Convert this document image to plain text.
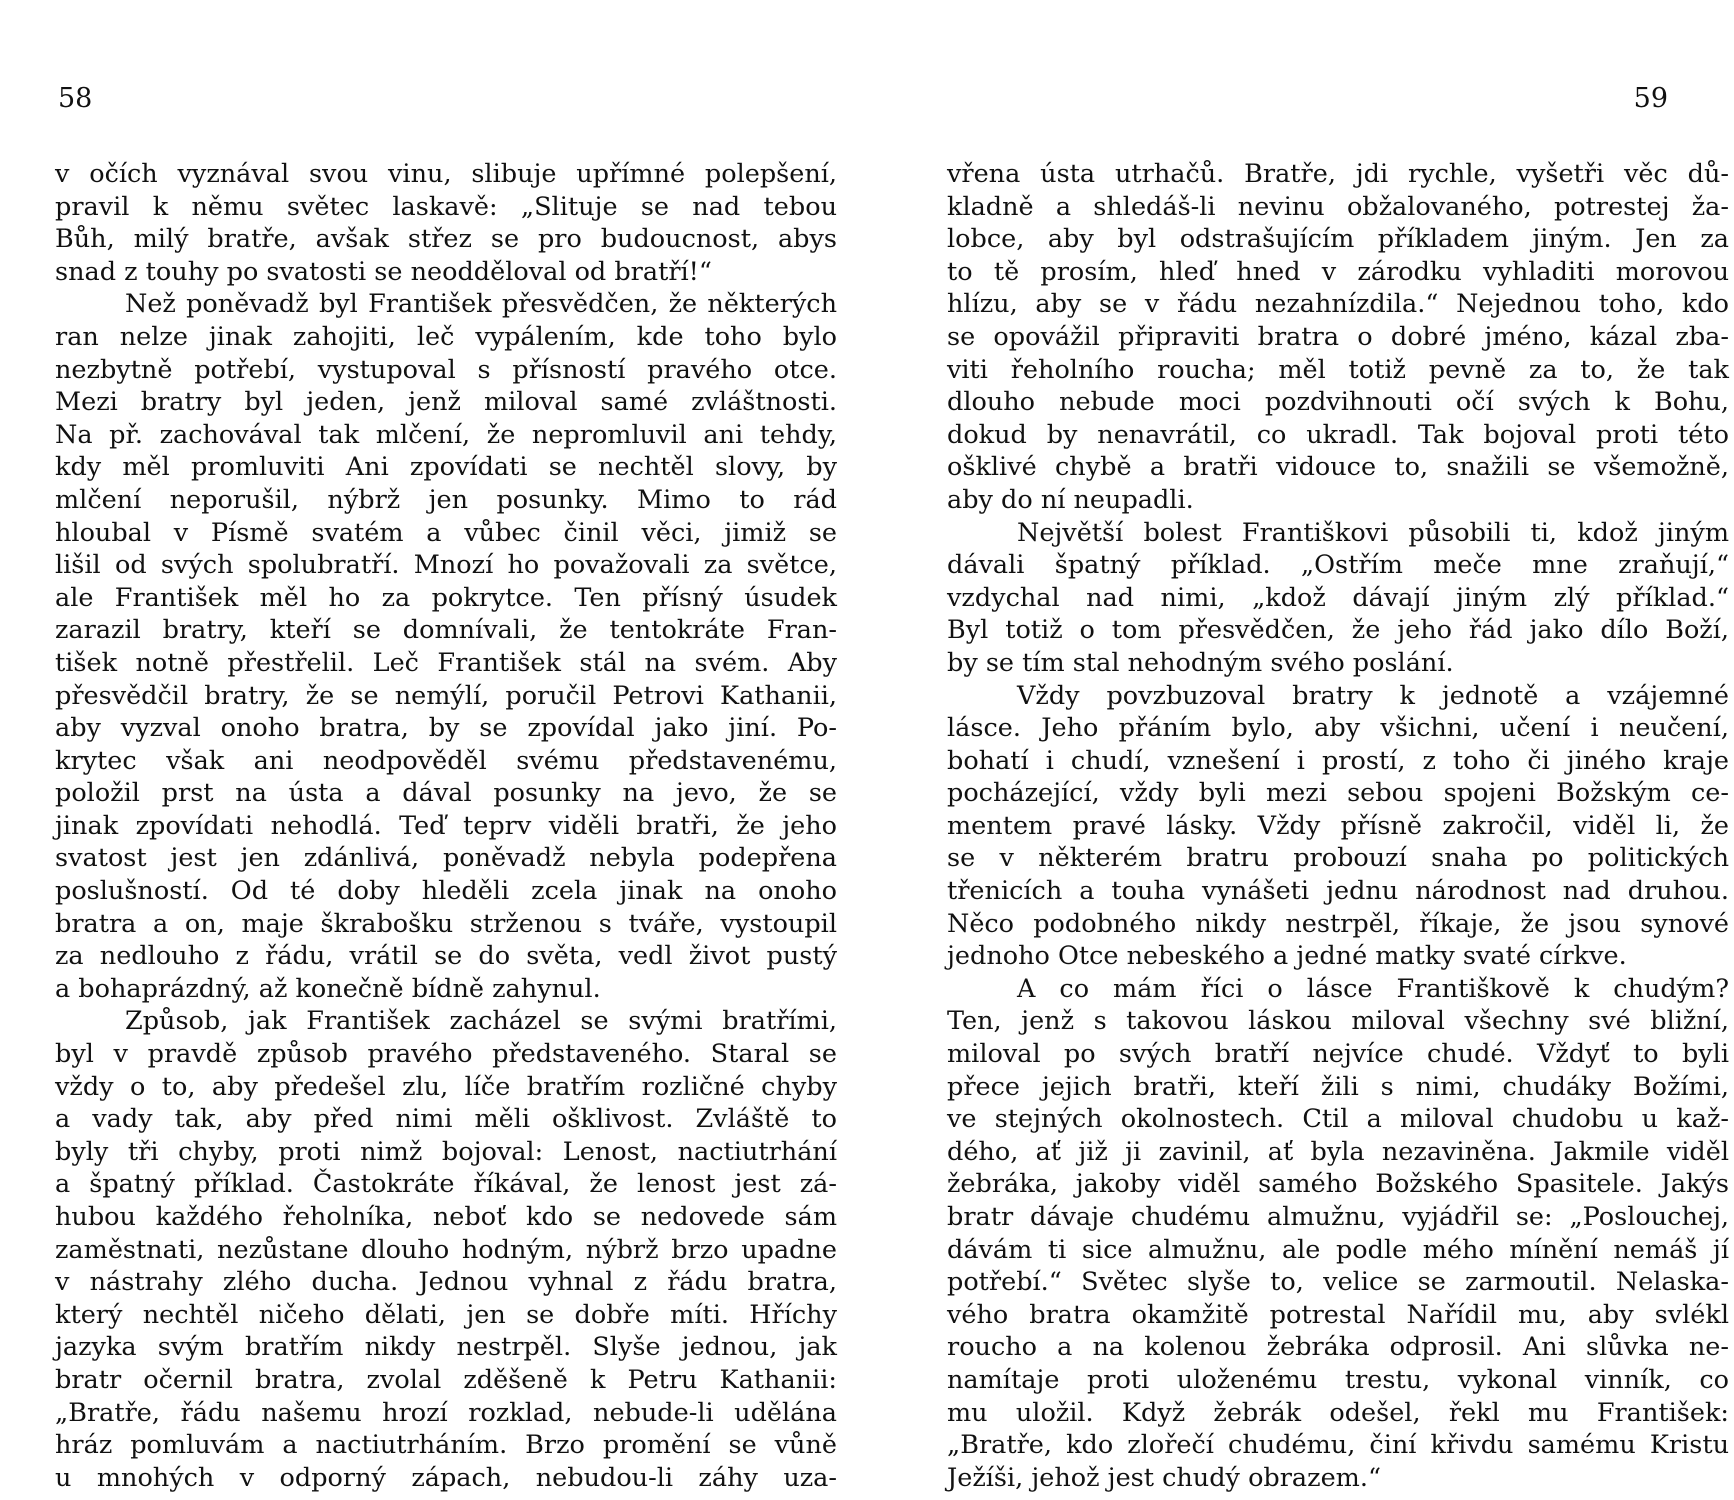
58
v očích vyznával svou vinu, slibuje upřímné polepšení,
pravil k němu světec laskavě: „Slituje se nad tebou
Bůh, milý bratře, avšak střez se pro budoucnost, abys
snad z touhy po svatosti se neodděloval od bratří!“
Než poněvadž byl František přesvědčen, že některých
ran nelze jinak zahojiti, leč vypálením, kde toho bylo
nezbytně potřebí, vystupoval s přísností pravého otce.
Mezi bratry byl jeden, jenž miloval samé zvláštnosti.
Na př. zachovával tak mlčení, že nepromluvil ani tehdy,
kdy měl promluviti Ani zpovídati se nechtěl slovy, by
mlčení neporušil, nýbrž jen posunky. Mimo to rád
hloubal v Písmě svatém a vůbec činil věci, jimiž se
lišil od svých spolubratří. Mnozí ho považovali za světce,
ale František měl ho za pokrytce. Ten přísný úsudek
zarazil bratry, kteří se domnívali, že tentokráte Fran-
tišek notně přestřelil. Leč František stál na svém. Aby
přesvědčil bratry, že se nemýlí, poručil Petrovi Kathanii,
aby vyzval onoho bratra, by se zpovídal jako jiní. Po-
krytec však ani neodpověděl svému představenému,
položil prst na ústa a dával posunky na jevo, že se
jinak zpovídati nehodlá. Teď teprv viděli bratři, že jeho
svatost jest jen zdánlivá, poněvadž nebyla podepřena
poslušností. Od té doby hleděli zcela jinak na onoho
bratra a on, maje škrabošku strženou s tváře, vystoupil
za nedlouho z řádu, vrátil se do světa, vedl život pustý
a bohaprázdný, až konečně bídně zahynul.
Způsob, jak František zacházel se svými bratřími,
byl v pravdě způsob pravého představeného. Staral se
vždy o to, aby předešel zlu, líče bratřím rozličné chyby
a vady tak, aby před nimi měli ošklivost. Zvláště to
byly tři chyby, proti nimž bojoval: Lenost, nactiutrhání
a špatný příklad. Častokráte říkával, že lenost jest zá-
hubou každého řeholníka, neboť kdo se nedovede sám
zaměstnati, nezůstane dlouho hodným, nýbrž brzo upadne
v nástrahy zlého ducha. Jednou vyhnal z řádu bratra,
který nechtěl ničeho dělati, jen se dobře míti. Hříchy
jazyka svým bratřím nikdy nestrpěl. Slyše jednou, jak
bratr očernil bratra, zvolal zděšeně k Petru Kathanii:
„Bratře, řádu našemu hrozí rozklad, nebude-li udělána
hráz pomluvám a nactiutrháním. Brzo promění se vůně
u mnohých v odporný zápach, nebudou-li záhy uza-
59
vřena ústa utrhačů. Bratře, jdi rychle, vyšetři věc dů-
kladně a shledáš-li nevinu obžalovaného, potrestej ža-
lobce, aby byl odstrašujícím příkladem jiným. Jen za
to tě prosím, hleď hned v zárodku vyhladiti morovou
hlízu, aby se v řádu nezahnízdila.“ Nejednou toho, kdo
se opovážil připraviti bratra o dobré jméno, kázal zba-
viti řeholního roucha; měl totiž pevně za to, že tak
dlouho nebude moci pozdvihnouti očí svých k Bohu,
dokud by nenavrátil, co ukradl. Tak bojoval proti této
ošklivé chybě a bratři vidouce to, snažili se všemožně,
aby do ní neupadli.
Největší bolest Františkovi působili ti, kdož jiným
dávali špatný příklad. „Ostřím meče mne zraňují,“
vzdychal nad nimi, „kdož dávají jiným zlý příklad.“
Byl totiž o tom přesvědčen, že jeho řád jako dílo Boží,
by se tím stal nehodným svého poslání.
Vždy povzbuzoval bratry k jednotě a vzájemné
lásce. Jeho přáním bylo, aby všichni, učení i neučení,
bohatí i chudí, vznešení i prostí, z toho či jiného kraje
pocházející, vždy byli mezi sebou spojeni Božským ce-
mentem pravé lásky. Vždy přísně zakročil, viděl li, že
se v některém bratru probouzí snaha po politických
třenicích a touha vynášeti jednu národnost nad druhou.
Něco podobného nikdy nestrpěl, říkaje, že jsou synové
jednoho Otce nebeského a jedné matky svaté církve.
A co mám říci o lásce Františkově k chudým?
Ten, jenž s takovou láskou miloval všechny své bližní,
miloval po svých bratří nejvíce chudé. Vždyť to byli
přece jejich bratři, kteří žili s nimi, chudáky Božími,
ve stejných okolnostech. Ctil a miloval chudobu u kaž-
dého, ať již ji zavinil, ať byla nezaviněna. Jakmile viděl
žebráka, jakoby viděl samého Božského Spasitele. Jakýs
bratr dávaje chudému almužnu, vyjádřil se: „Poslouchej,
dávám ti sice almužnu, ale podle mého mínění nemáš jí
potřebí.“ Světec slyše to, velice se zarmoutil. Nelaska-
vého bratra okamžitě potrestal Nařídil mu, aby svlékl
roucho a na kolenou žebráka odprosil. Ani slůvka ne-
namítaje proti uloženému trestu, vykonal vinník, co
mu uložil. Když žebrák odešel, řekl mu František:
„Bratře, kdo zlořečí chudému, činí křivdu samému Kristu
Ježíši, jehož jest chudý obrazem.“
